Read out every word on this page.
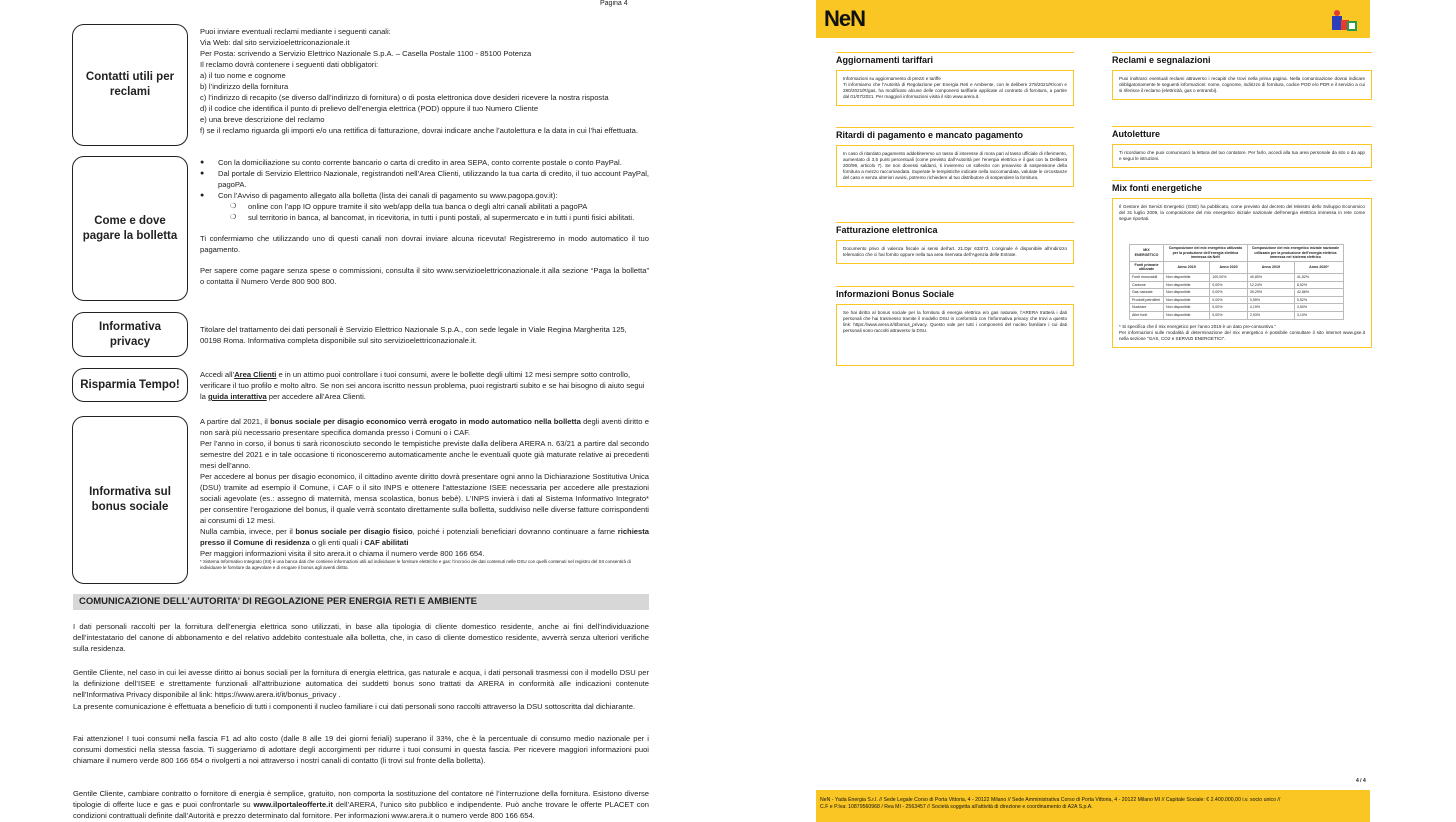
Pagina 4
Contatti utili per reclami

Puoi inviare eventuali reclami mediante i seguenti canali:

Via Web: dal sito servizioelettriconazionale.it

Per Posta: scrivendo a Servizio Elettrico Nazionale S.p.A. – Casella Postale 1100 - 85100 Potenza

Il reclamo dovrà contenere i seguenti dati obbligatori:

a) il tuo nome e cognome

b) l’indirizzo della fornitura

c) l’indirizzo di recapito (se diverso dall’indirizzo di fornitura) o di posta elettronica dove desideri ricevere la nostra risposta

d) il codice che identifica il punto di prelievo dell’energia elettrica (POD) oppure il tuo Numero Cliente

e) una breve descrizione del reclamo

f) se il reclamo riguarda gli importi e/o una rettifica di fatturazione, dovrai indicare anche l’autolettura e la data in cui l’hai effettuata.

Come e dove pagare la bolletta
● Con la domiciliazione su conto corrente bancario o carta di credito in area SEPA, conto corrente postale o conto PayPal.
● Dal portale di Servizio Elettrico Nazionale, registrandoti nell’Area Clienti, utilizzando la tua carta di credito, il tuo account PayPal, pagoPA.
● Con l’Avviso di pagamento allegato alla bolletta (lista dei canali di pagamento su www.pagopa.gov.it):
❍ online con l’app IO oppure tramite il sito web/app della tua banca o degli altri canali abilitati a pagoPA
❍ sul territorio in banca, al bancomat, in ricevitoria, in tutti i punti postali, al supermercato e in tutti i punti fisici abilitati.

Ti confermiamo che utilizzando uno di questi canali non dovrai inviare alcuna ricevuta! Registreremo in modo automatico il tuo pagamento.

Per sapere come pagare senza spese o commissioni, consulta il sito www.servizioelettriconazionale.it alla sezione “Paga la bolletta” o contatta il Numero Verde 800 900 800.

Informativa privacy
Titolare del trattamento dei dati personali è Servizio Elettrico Nazionale S.p.A., con sede legale in Viale Regina Margherita 125, 00198 Roma. Informativa completa disponibile sul sito servizioelettriconazionale.it.
Risparmia Tempo!
Accedi all’Area Clienti e in un attimo puoi controllare i tuoi consumi, avere le bollette degli ultimi 12 mesi sempre sotto controllo, verificare il tuo profilo e molto altro. Se non sei ancora iscritto nessun problema, puoi registrarti subito e se hai bisogno di aiuto segui la guida interattiva per accedere all’Area Clienti.
Informativa sul bonus sociale

A partire dal 2021, il bonus sociale per disagio economico verrà erogato in modo automatico nella bolletta degli aventi diritto e non sarà più necessario presentare specifica domanda presso i Comuni o i CAF.

Per l’anno in corso, il bonus ti sarà riconosciuto secondo le tempistiche previste dalla delibera ARERA n. 63/21 a partire dal secondo semestre del 2021 e in tale occasione ti riconosceremo automaticamente anche le eventuali quote già maturate relative ai precedenti mesi dell’anno.

Per accedere al bonus per disagio economico, il cittadino avente diritto dovrà presentare ogni anno la Dichiarazione Sostitutiva Unica (DSU) tramite ad esempio il Comune, i CAF o il sito INPS e ottenere l’attestazione ISEE necessaria per accedere alle prestazioni sociali agevolate (es.: assegno di maternità, mensa scolastica, bonus bebè). L’INPS invierà i dati al Sistema Informativo Integrato* per consentire l’erogazione del bonus, il quale verrà scontato direttamente sulla bolletta, suddiviso nelle diverse fatture corrispondenti ai consumi di 12 mesi.

Nulla cambia, invece, per il bonus sociale per disagio fisico, poiché i potenziali beneficiari dovranno continuare a farne richiesta presso il Comune di residenza o gli enti quali i CAF abilitati

Per maggiori informazioni visita il sito arera.it o chiama il numero verde 800 166 654.

* Sistema Informativo Integrato (SII) è una banca dati che contiene informazioni utili ad individuare le forniture elettriche e gas: l’incrocio dei dati contenuti nelle DSU con quelli contenuti nel registro del SII consentirà di individuare le forniture da agevolare e di erogare il bonus agli aventi diritto.

COMUNICAZIONE DELL’AUTORITA’ DI REGOLAZIONE PER ENERGIA RETI E AMBIENTE
I dati personali raccolti per la fornitura dell’energia elettrica sono utilizzati, in base alla tipologia di cliente domestico residente, anche ai fini dell’individuazione dell’intestatario del canone di abbonamento e del relativo addebito contestuale alla bolletta, che, in caso di cliente domestico residente, avverrà senza ulteriori verifiche sulla residenza.
Gentile Cliente, nel caso in cui lei avesse diritto ai bonus sociali per la fornitura di energia elettrica, gas naturale e acqua, i dati personali trasmessi con il modello DSU per la definizione dell’ISEE e strettamente funzionali all’attribuzione automatica dei suddetti bonus sono trattati da ARERA in conformità alle indicazioni contenute nell’Informativa Privacy disponibile al link: https://www.arera.it/it/bonus_privacy .
La presente comunicazione è effettuata a beneficio di tutti i componenti il nucleo familiare i cui dati personali sono raccolti attraverso la DSU sottoscritta dal dichiarante.
Fai attenzione! I tuoi consumi nella fascia F1 ad alto costo (dalle 8 alle 19 dei giorni feriali) superano il 33%, che è la percentuale di consumo medio nazionale per i consumi domestici nella stessa fascia. Ti suggeriamo di adottare degli accorgimenti per ridurre i tuoi consumi in questa fascia. Per ricevere maggiori informazioni puoi chiamare il numero verde 800 166 654 o rivolgerti a noi attraverso i nostri canali di contatto (li trovi sul fronte della bolletta).
Gentile Cliente, cambiare contratto o fornitore di energia è semplice, gratuito, non comporta la sostituzione del contatore né l’interruzione della fornitura. Esistono diverse tipologie di offerte luce e gas e puoi confrontarle su www.ilportaleofferte.it dell’ARERA, l’unico sito pubblico e indipendente. Può anche trovare le offerte PLACET con condizioni contrattuali definite dall’Autorità e prezzo determinato dal fornitore. Per informazioni www.arera.it o numero verde 800 166 654.
NeN
Aggiornamenti tariffari
Informazioni su aggiornamento di prezzi e tariffe
Ti informiamo che l’Autorità di Regolazione per Energia Reti e Ambiente, con le delibere 278/2021/R/com e 280/2021/R/gas, ha modificato alcune delle componenti tariffarie applicate al contratto di fornitura, a partire dal 01/07/2021. Per maggiori informazioni visita il sito www.arera.it.
Ritardi di pagamento e mancato pagamento
In caso di ritardato pagamento addebiteremo un tasso di interesse di mora pari al tasso ufficiale di riferimento, aumentato di 3,5 punti percentuali (come previsto dall’Autorità per l’energia elettrica e il gas con la Delibera 200/99, articolo 7). Se non dovessi saldarci, ti invieremo un sollecito con preavviso di sospensione della fornitura a mezzo raccomandata. Superate le tempistiche indicate nella raccomandata, valutate le circostanze del caso e senza ulteriori avvisi, potremo richiedere al tuo distributore di sospendere la fornitura.
Fatturazione elettronica
Documento privo di valenza fiscale ai sensi dell’art. 21.Dpr 633/72. L’originale è disponibile all’indirizzo telematico che ci hai fornito oppure nella tua area riservata dell’Agenzia delle Entrate.
Informazioni Bonus Sociale
Se hai diritto al bonus sociale per la fornitura di energia elettrica e/o gas naturale, l’ARERA tratterà i dati personali che hai trasmesso tramite il modello DSU in conformità con l’informativa privacy che trovi a questo link: https://www.arera.it/it/bonus_privacy. Questo vale per tutti i componenti del nucleo familiare i cui dati personali sono raccolti attraverso la DSU.
Reclami e segnalazioni
Puoi inoltrarci eventuali reclami attraverso i recapiti che trovi nella prima pagina. Nella comunicazione dovrai indicare obbligatoriamente le seguenti informazioni: nome, cognome, indirizzo di fornitura, codice POD e/o PDR e il servizio a cui si riferisce il reclamo (elettricità, gas o entrambi).
Autoletture
Ti ricordiamo che puoi comunicarci la lettura del tuo contatore. Per farlo, accedi alla tua area personale da sito o da app e segui le istruzioni.
Mix fonti energetiche
Il Gestore dei Servizi Energetici (GSE) ha pubblicato, come previsto dal decreto del Ministro dello Sviluppo Economico del 31 luglio 2009, la composizione del mix energetico iniziale nazionale dell’energia elettrica immessa in rete come segue riportati.
MIX ENERGETICO	Composizione del mix energetico utilizzato per la produzione dell’energia elettrica immessa da NeN		Composizione del mix energetico iniziale nazionale utilizzato per la produzione dell’energia elettrica immessa nel sistema elettrico	
Fonti primarie utilizzate	Anno 2019	Anno 2020	Anno 2019	Anno 2020*
Fonti rinnovabili	Non disponibile	100,00%	40,80%	41,52%
Carbone	Non disponibile	0,00%	12,24%	8,52%
Gas naturale	Non disponibile	0,00%	39,29%	42,86%
Prodotti petroliferi	Non disponibile	0,00%	0,55%	0,52%
Nucleare	Non disponibile	0,00%	4,19%	3,50%
Altre fonti	Non disponibile	0,00%	2,93%	3,10%
* Si specifica che il mix energetico per l’anno 2019 è un dato pre-consuntivo."
Per informazioni sulle modalità di determinazione del mix energetico è possibile consultare il sito internet www.gse.it nella sezione "GAS, CO2 e SERVIZI ENERGETICI".
4 / 4
NeN - Yada Energia S.r.l. // Sede Legale Corso di Porta Vittoria, 4 - 20122 Milano // Sede Amministrativa Corso di Porta Vittoria, 4 - 20122 Milano MI // Capitale Sociale: € 2.400.000,00 i.v. socio unico //
C.F e P.Iva: 10879560968 / Rea MI - 2563457 // Società soggetta all’attività di direzione e coordinamento di A2A S.p.A.
